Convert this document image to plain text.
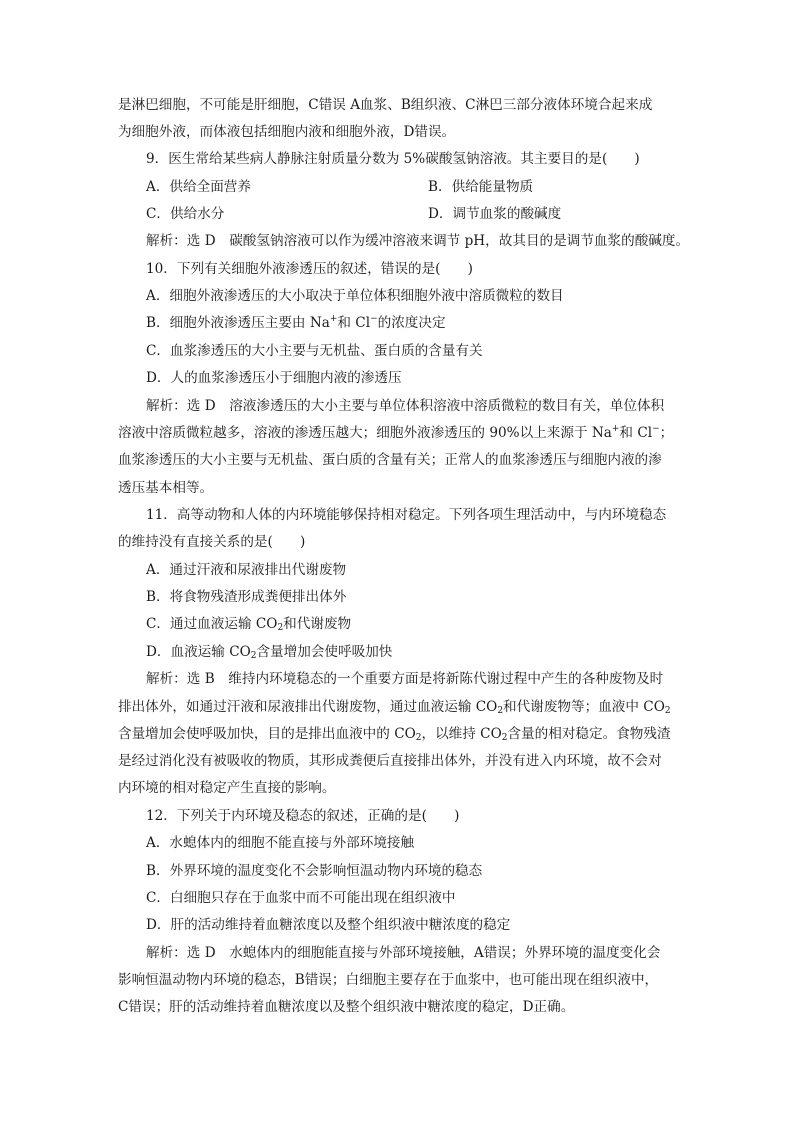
是淋巴细胞，不可能是肝细胞，C错误 A血浆、B组织液、C淋巴三部分液体环境合起来成
为细胞外液，而体液包括细胞内液和细胞外液，D错误。
9．医生常给某些病人静脉注射质量分数为 5%碳酸氢钠溶液。其主要目的是(　　)
A．供给全面营养	B．供给能量物质
C．供给水分	D．调节血浆的酸碱度
解析：选 D　碳酸氢钠溶液可以作为缓冲溶液来调节 pH，故其目的是调节血浆的酸碱度。
10．下列有关细胞外液渗透压的叙述，错误的是(　　)
A．细胞外液渗透压的大小取决于单位体积细胞外液中溶质微粒的数目
B．细胞外液渗透压主要由 Na+和 Cl−的浓度决定
C．血浆渗透压的大小主要与无机盐、蛋白质的含量有关
D．人的血浆渗透压小于细胞内液的渗透压
解析：选 D　溶液渗透压的大小主要与单位体积溶液中溶质微粒的数目有关，单位体积
溶液中溶质微粒越多，溶液的渗透压越大；细胞外液渗透压的 90%以上来源于 Na+和 Cl−；
血浆渗透压的大小主要与无机盐、蛋白质的含量有关；正常人的血浆渗透压与细胞内液的渗
透压基本相等。
11．高等动物和人体的内环境能够保持相对稳定。下列各项生理活动中，与内环境稳态
的维持没有直接关系的是(　　)
A．通过汗液和尿液排出代谢废物
B．将食物残渣形成粪便排出体外
C．通过血液运输 $CO_2$和代谢废物
D．血液运输 $CO_2$含量增加会使呼吸加快
解析：选 B　维持内环境稳态的一个重要方面是将新陈代谢过程中产生的各种废物及时
排出体外，如通过汗液和尿液排出代谢废物，通过血液运输 $CO_2$和代谢废物等；血液中 $CO_2$
含量增加会使呼吸加快，目的是排出血液中的 $CO_2$，以维持 $CO_2$含量的相对稳定。食物残渣
是经过消化没有被吸收的物质，其形成粪便后直接排出体外，并没有进入内环境，故不会对
内环境的相对稳定产生直接的影响。
12．下列关于内环境及稳态的叙述，正确的是(　　)
A．水螅体内的细胞不能直接与外部环境接触
B．外界环境的温度变化不会影响恒温动物内环境的稳态
C．白细胞只存在于血浆中而不可能出现在组织液中
D．肝的活动维持着血糖浓度以及整个组织液中糖浓度的稳定
解析：选 D　水螅体内的细胞能直接与外部环境接触，A错误；外界环境的温度变化会
影响恒温动物内环境的稳态，B错误；白细胞主要存在于血浆中，也可能出现在组织液中，
C错误；肝的活动维持着血糖浓度以及整个组织液中糖浓度的稳定，D正确。
